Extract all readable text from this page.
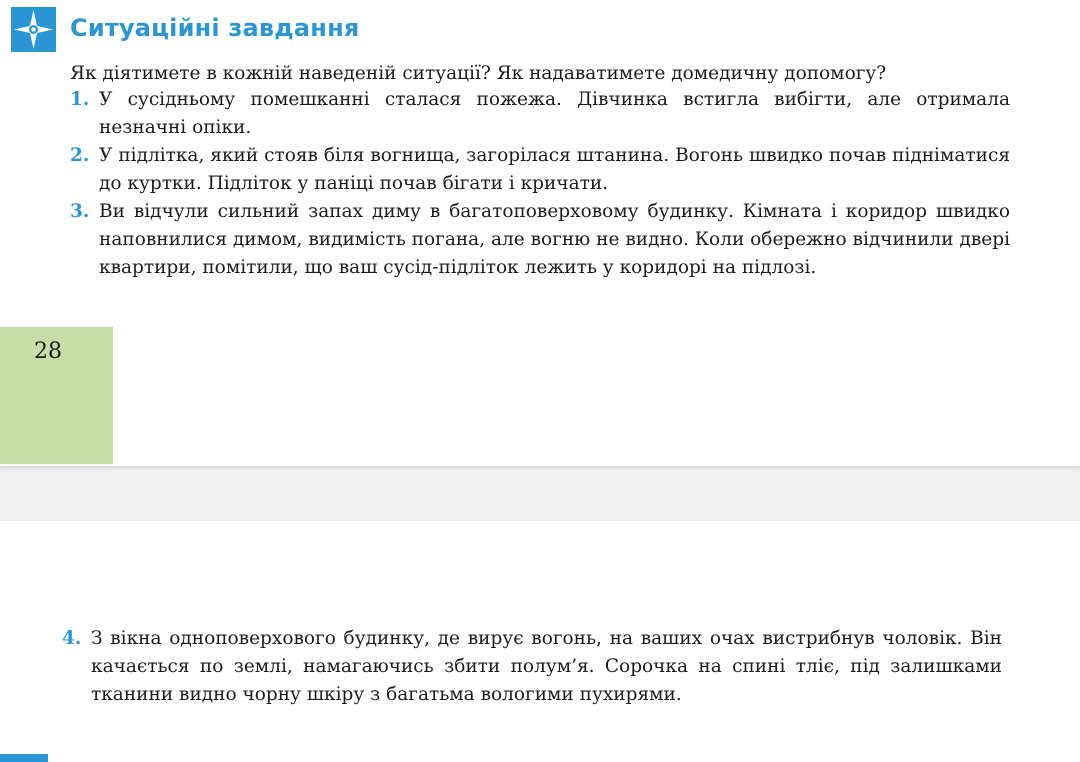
Ситуаційні завдання
Як діятимете в кожній наведеній ситуації? Як надаватимете домедичну допомогу?
1. У сусідньому помешканні сталася пожежа. Дівчинка встигла вибігти, але отримала незначні опіки.
2. У підлітка, який стояв біля вогнища, загорілася штанина. Вогонь швидко почав підніматися до куртки. Підліток у паніці почав бігати і кричати.
3. Ви відчули сильний запах диму в багатоповерховому будинку. Кімната і коридор швидко наповнилися димом, видимість погана, але вогню не видно. Коли обережно відчинили двері квартири, помітили, що ваш сусід-підліток лежить у коридорі на підлозі.
28
4. З вікна одноповерхового будинку, де вирує вогонь, на ваших очах вистрибнув чоловік. Він качається по землі, намагаючись збити полум’я. Сорочка на спині тліє, під залишками тканини видно чорну шкіру з багатьма вологими пухирями.
